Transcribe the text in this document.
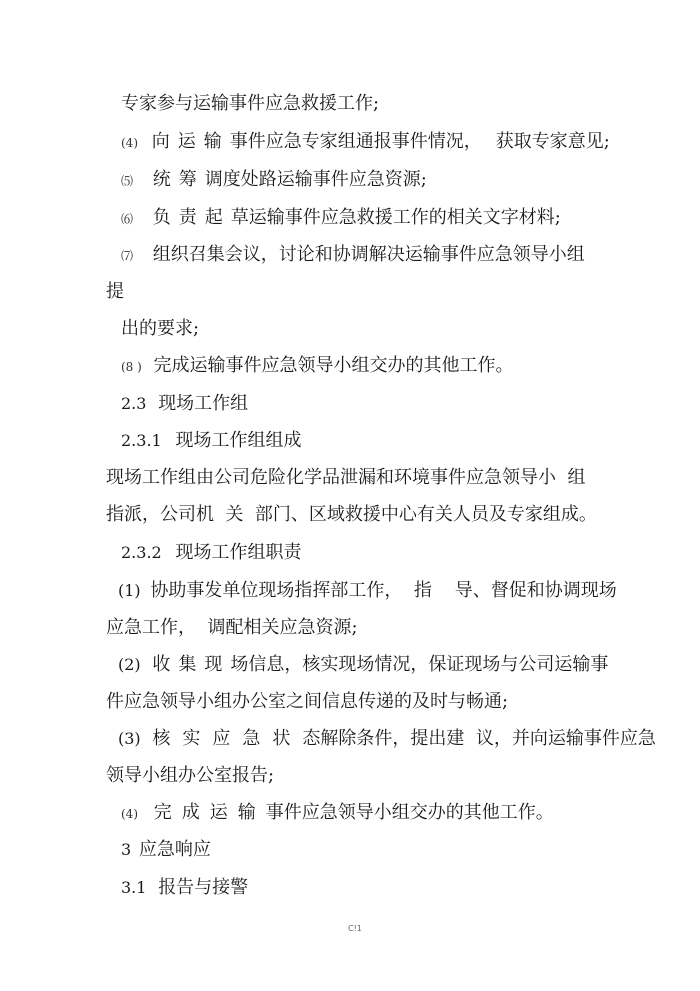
专家参与运输事件应急救援工作;
(4) 向运输事件应急专家组通报事件情况， 获取专家意见;
⑸ 统筹调度处路运输事件应急资源;
⑹ 负责起草运输事件应急救援工作的相关文字材料;
⑺ 组织召集会议，讨论和协调解决运输事件应急领导小组
提
出的要求;
(8 ) 完成运输事件应急领导小组交办的其他工作。
2.3 现场工作组
2.3.1 现场工作组组成
现场工作组由公司危险化学品泄漏和环境事件应急领导小  组
指派，公司机  关  部门、区域救援中心有关人员及专家组成。
2.3.2 现场工作组职责
(1) 协助事发单位现场指挥部工作，  指    导、督促和协调现场
应急工作，  调配相关应急资源;
(2) 收集现场信息，核实现场情况，保证现场与公司运输事
件应急领导小组办公室之间信息传递的及时与畅通;
(3) 核实应急状态解除条件，提出建  议，并向运输事件应急
领导小组办公室报告;
(4) 完成运输事件应急领导小组交办的其他工作。
3 应急响应
3.1 报告与接警
C!1
